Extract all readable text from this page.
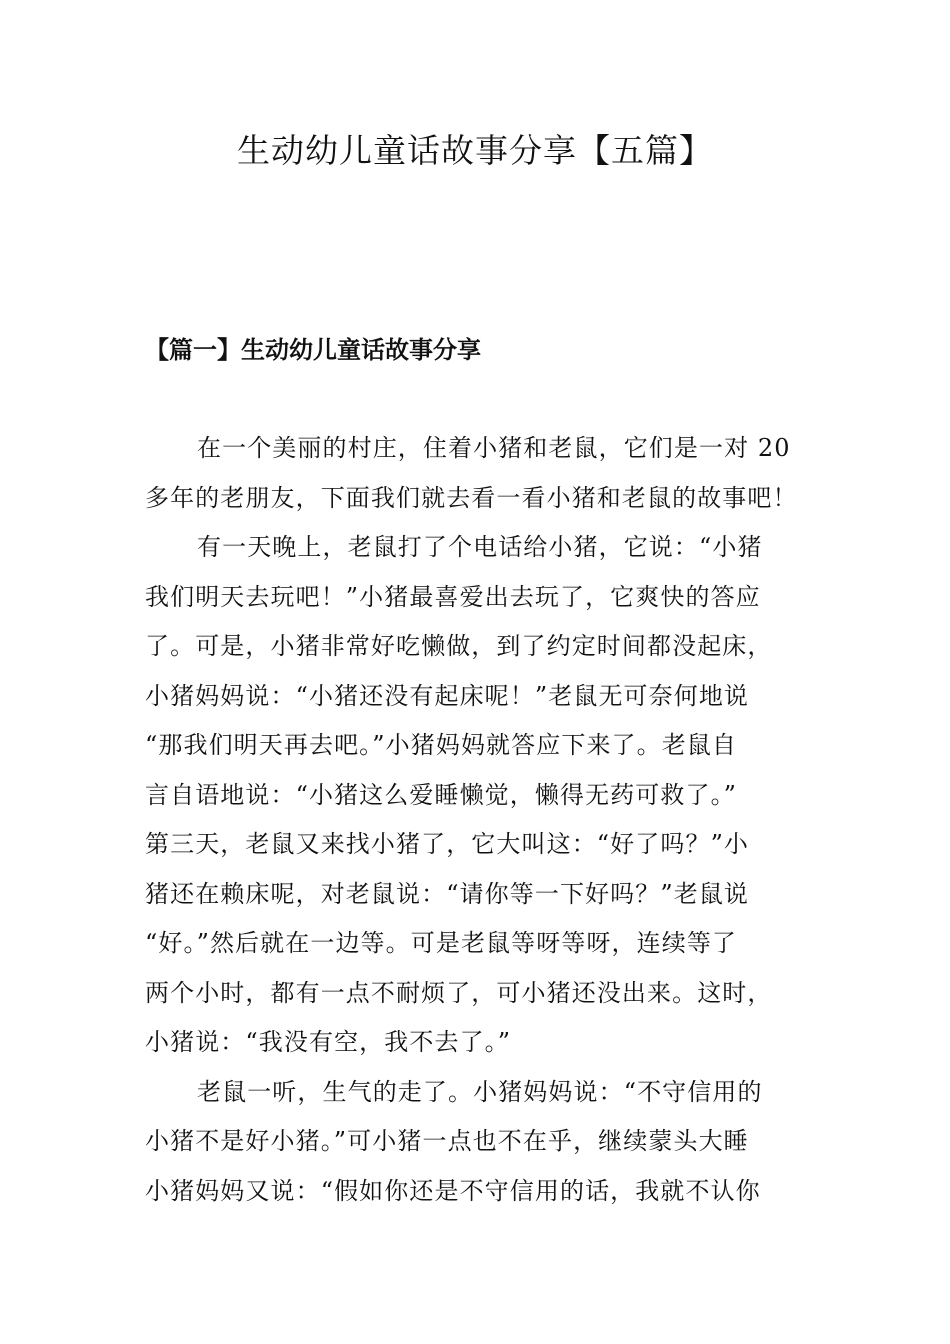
生动幼儿童话故事分享【五篇】
【篇一】生动幼儿童话故事分享
在一个美丽的村庄，住着小猪和老鼠，它们是一对 20
多年的老朋友，下面我们就去看一看小猪和老鼠的故事吧！
有一天晚上，老鼠打了个电话给小猪，它说：“小猪
我们明天去玩吧！”小猪最喜爱出去玩了，它爽快的答应
了。可是，小猪非常好吃懒做，到了约定时间都没起床，
小猪妈妈说：“小猪还没有起床呢！”老鼠无可奈何地说
“那我们明天再去吧。”小猪妈妈就答应下来了。老鼠自
言自语地说：“小猪这么爱睡懒觉，懒得无药可救了。”
第三天，老鼠又来找小猪了，它大叫这：“好了吗？”小
猪还在赖床呢，对老鼠说：“请你等一下好吗？”老鼠说
“好。”然后就在一边等。可是老鼠等呀等呀，连续等了
两个小时，都有一点不耐烦了，可小猪还没出来。这时，
小猪说：“我没有空，我不去了。”
老鼠一听，生气的走了。小猪妈妈说：“不守信用的
小猪不是好小猪。”可小猪一点也不在乎，继续蒙头大睡
小猪妈妈又说：“假如你还是不守信用的话，我就不认你
